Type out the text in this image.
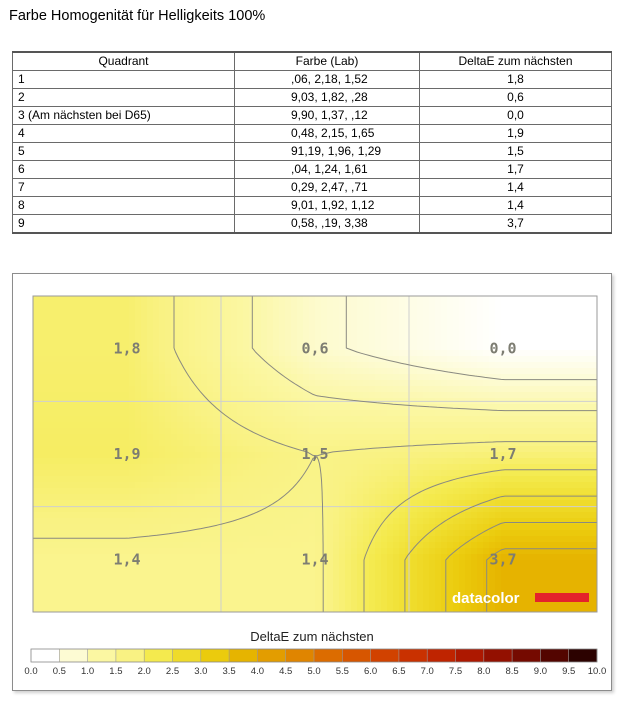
Farbe Homogenität für Helligkeits 100%
Quadrant	Farbe (Lab)	DeltaE zum nächsten
1	,06, 2,18, 1,52	1,8
2	9,03, 1,82, ,28	0,6
3 (Am nächsten bei D65)	9,90, 1,37, ,12	0,0
4	0,48, 2,15, 1,65	1,9
5	91,19, 1,96, 1,29	1,5
6	,04, 1,24, 1,61	1,7
7	0,29, 2,47, ,71	1,4
8	9,01, 1,92, 1,12	1,4
9	0,58, ,19, 3,38	3,7
1,8	0,6	0,0
1,9	1,5	1,7
1,4	1,4	3,7
datacolor
DeltaE zum nächsten
0.0 0.5 1.0 1.5 2.0 2.5 3.0 3.5 4.0 4.5 5.0 5.5 6.0 6.5 7.0 7.5 8.0 8.5 9.0 9.5 10.0
